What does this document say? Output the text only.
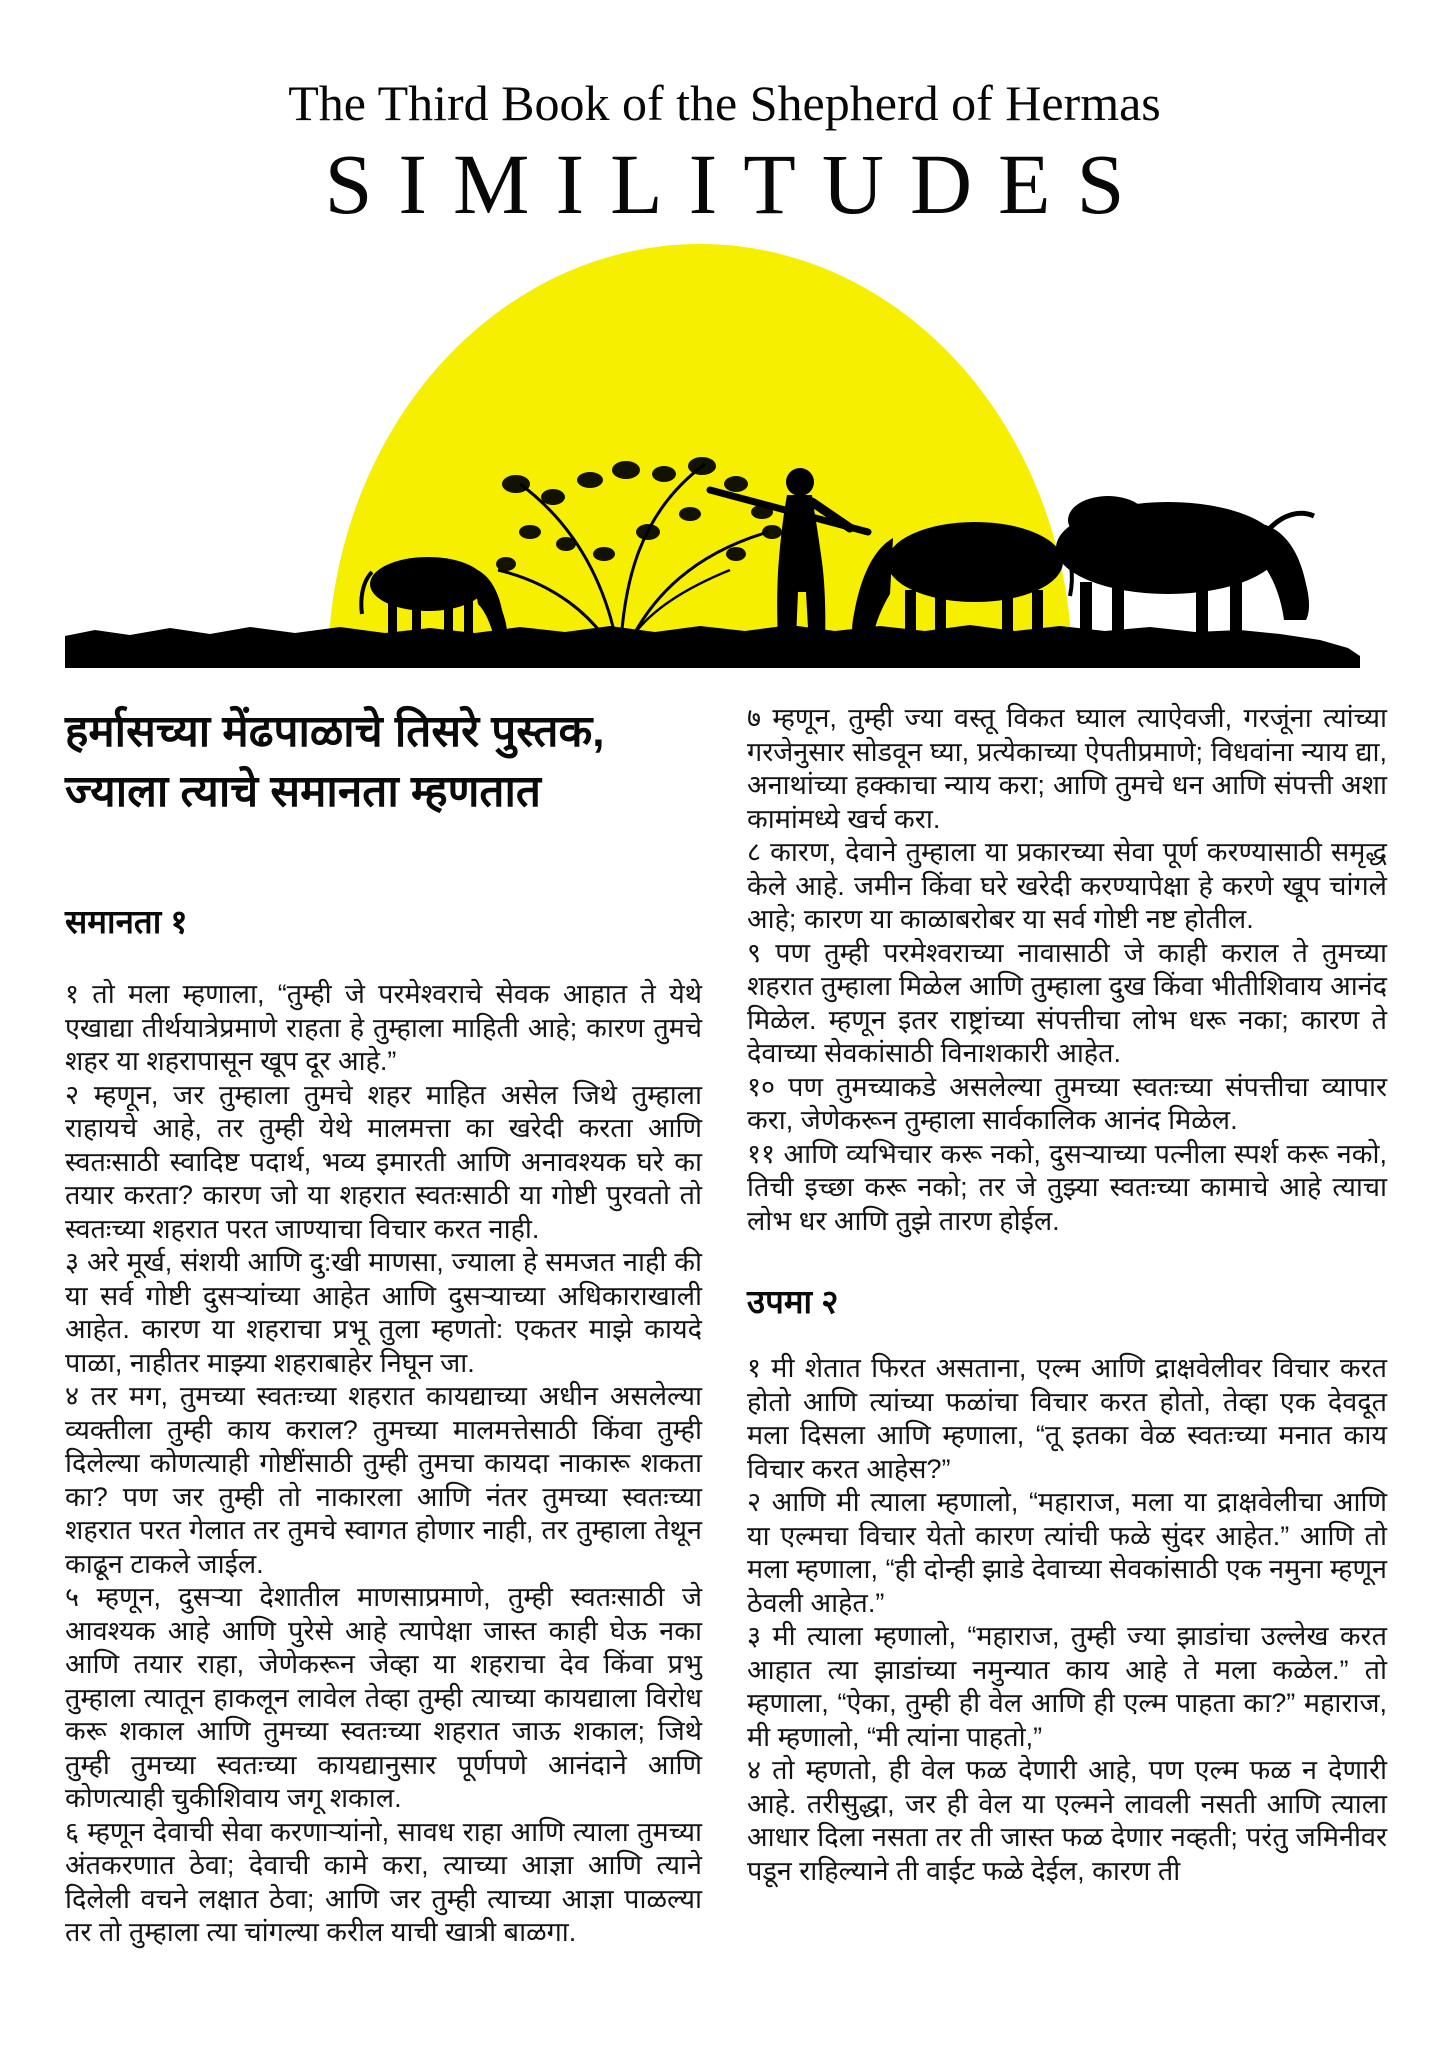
The Third Book of the Shepherd of Hermas
SIMILITUDES
हर्मासच्या मेंढपाळाचे तिसरे पुस्तक, ज्याला त्याचे समानता म्हणतात
समानता १

१ तो मला म्हणाला, “तुम्ही जे परमेश्वराचे सेवक आहात ते येथे एखाद्या तीर्थयात्रेप्रमाणे राहता हे तुम्हाला माहिती आहे; कारण तुमचे शहर या शहरापासून खूप दूर आहे.”

२ म्हणून, जर तुम्हाला तुमचे शहर माहित असेल जिथे तुम्हाला राहायचे आहे, तर तुम्ही येथे मालमत्ता का खरेदी करता आणि स्वतःसाठी स्वादिष्ट पदार्थ, भव्य इमारती आणि अनावश्यक घरे का तयार करता? कारण जो या शहरात स्वतःसाठी या गोष्टी पुरवतो तो स्वतःच्या शहरात परत जाण्याचा विचार करत नाही.

३ अरे मूर्ख, संशयी आणि दु:खी माणसा, ज्याला हे समजत नाही की या सर्व गोष्टी दुसऱ्यांच्या आहेत आणि दुसऱ्याच्या अधिकाराखाली आहेत. कारण या शहराचा प्रभू तुला म्हणतो: एकतर माझे कायदे पाळा, नाहीतर माझ्या शहराबाहेर निघून जा.

४ तर मग, तुमच्या स्वतःच्या शहरात कायद्याच्या अधीन असलेल्या व्यक्तीला तुम्ही काय कराल? तुमच्या मालमत्तेसाठी किंवा तुम्ही दिलेल्या कोणत्याही गोष्टींसाठी तुम्ही तुमचा कायदा नाकारू शकता का? पण जर तुम्ही तो नाकारला आणि नंतर तुमच्या स्वतःच्या शहरात परत गेलात तर तुमचे स्वागत होणार नाही, तर तुम्हाला तेथून काढून टाकले जाईल.

५ म्हणून, दुसऱ्या देशातील माणसाप्रमाणे, तुम्ही स्वतःसाठी जे आवश्यक आहे आणि पुरेसे आहे त्यापेक्षा जास्त काही घेऊ नका आणि तयार राहा, जेणेकरून जेव्हा या शहराचा देव किंवा प्रभु तुम्हाला त्यातून हाकलून लावेल तेव्हा तुम्ही त्याच्या कायद्याला विरोध करू शकाल आणि तुमच्या स्वतःच्या शहरात जाऊ शकाल; जिथे तुम्ही तुमच्या स्वतःच्या कायद्यानुसार पूर्णपणे आनंदाने आणि कोणत्याही चुकीशिवाय जगू शकाल.

६ म्हणून देवाची सेवा करणाऱ्यांनो, सावध राहा आणि त्याला तुमच्या अंतकरणात ठेवा; देवाची कामे करा, त्याच्या आज्ञा आणि त्याने दिलेली वचने लक्षात ठेवा; आणि जर तुम्ही त्याच्या आज्ञा पाळल्या तर तो तुम्हाला त्या चांगल्या करील याची खात्री बाळगा.

७ म्हणून, तुम्ही ज्या वस्तू विकत घ्याल त्याऐवजी, गरजूंना त्यांच्या गरजेनुसार सोडवून घ्या, प्रत्येकाच्या ऐपतीप्रमाणे; विधवांना न्याय द्या, अनाथांच्या हक्काचा न्याय करा; आणि तुमचे धन आणि संपत्ती अशा कामांमध्ये खर्च करा.

८ कारण, देवाने तुम्हाला या प्रकारच्या सेवा पूर्ण करण्यासाठी समृद्ध केले आहे. जमीन किंवा घरे खरेदी करण्यापेक्षा हे करणे खूप चांगले आहे; कारण या काळाबरोबर या सर्व गोष्टी नष्ट होतील.

९ पण तुम्ही परमेश्वराच्या नावासाठी जे काही कराल ते तुमच्या शहरात तुम्हाला मिळेल आणि तुम्हाला दुख किंवा भीतीशिवाय आनंद मिळेल. म्हणून इतर राष्ट्रांच्या संपत्तीचा लोभ धरू नका; कारण ते देवाच्या सेवकांसाठी विनाशकारी आहेत.

१० पण तुमच्याकडे असलेल्या तुमच्या स्वतःच्या संपत्तीचा व्यापार करा, जेणेकरून तुम्हाला सार्वकालिक आनंद मिळेल.

११ आणि व्यभिचार करू नको, दुसऱ्याच्या पत्नीला स्पर्श करू नको, तिची इच्छा करू नको; तर जे तुझ्या स्वतःच्या कामाचे आहे त्याचा लोभ धर आणि तुझे तारण होईल.

उपमा २

१ मी शेतात फिरत असताना, एल्म आणि द्राक्षवेलीवर विचार करत होतो आणि त्यांच्या फळांचा विचार करत होतो, तेव्हा एक देवदूत मला दिसला आणि म्हणाला, “तू इतका वेळ स्वतःच्या मनात काय विचार करत आहेस?”

२ आणि मी त्याला म्हणालो, “महाराज, मला या द्राक्षवेलीचा आणि या एल्मचा विचार येतो कारण त्यांची फळे सुंदर आहेत.” आणि तो मला म्हणाला, “ही दोन्ही झाडे देवाच्या सेवकांसाठी एक नमुना म्हणून ठेवली आहेत.”

३ मी त्याला म्हणालो, “महाराज, तुम्ही ज्या झाडांचा उल्लेख करत आहात त्या झाडांच्या नमुन्यात काय आहे ते मला कळेल.” तो म्हणाला, “ऐका, तुम्ही ही वेल आणि ही एल्म पाहता का?” महाराज, मी म्हणालो, “मी त्यांना पाहतो,”

४ तो म्हणतो, ही वेल फळ देणारी आहे, पण एल्म फळ न देणारी आहे. तरीसुद्धा, जर ही वेल या एल्मने लावली नसती आणि त्याला आधार दिला नसता तर ती जास्त फळ देणार नव्हती; परंतु जमिनीवर पडून राहिल्याने ती वाईट फळे देईल, कारण ती
